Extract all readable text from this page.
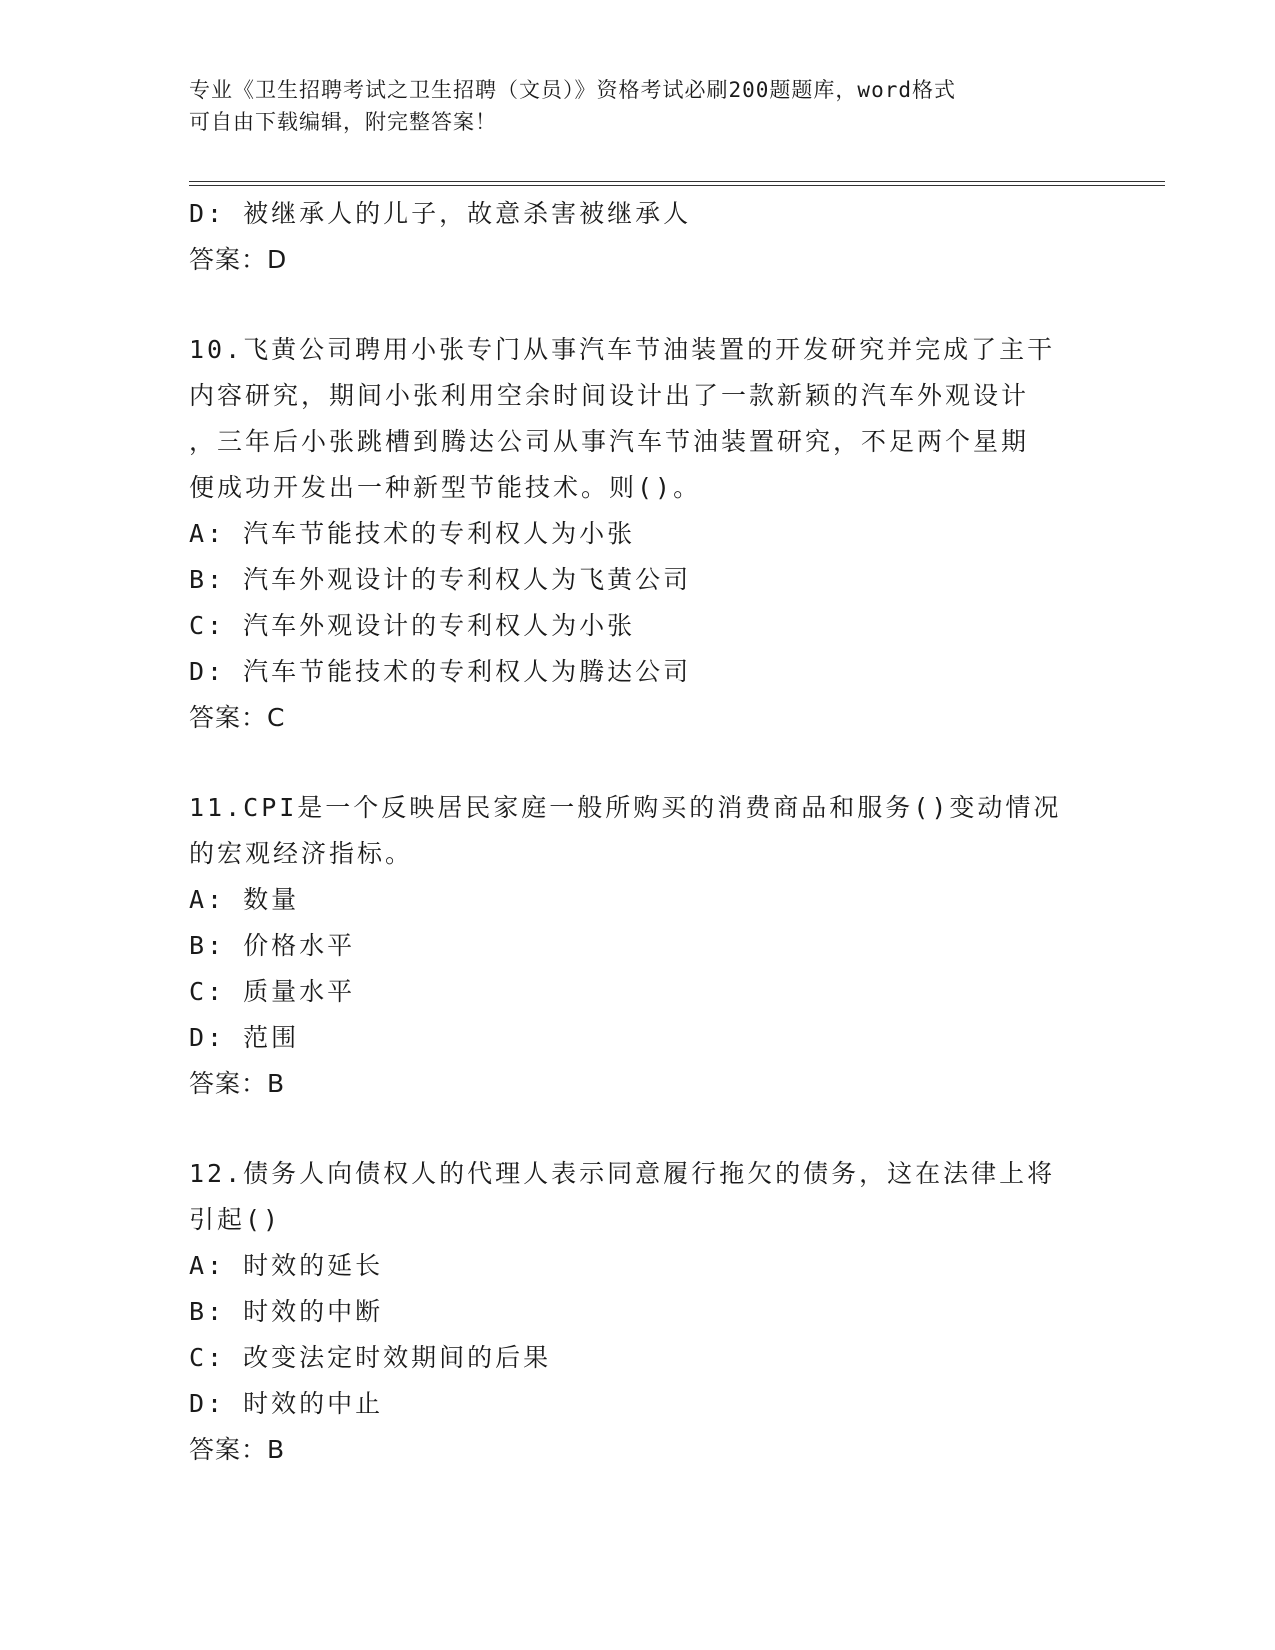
专业《卫生招聘考试之卫生招聘（文员）》资格考试必刷200题题库，word格式
可自由下载编辑，附完整答案！
D: 被继承人的儿子，故意杀害被继承人
答案：D
10.飞黄公司聘用小张专门从事汽车节油装置的开发研究并完成了主干
内容研究，期间小张利用空余时间设计出了一款新颖的汽车外观设计
，三年后小张跳槽到腾达公司从事汽车节油装置研究，不足两个星期
便成功开发出一种新型节能技术。则()。
A: 汽车节能技术的专利权人为小张
B: 汽车外观设计的专利权人为飞黄公司
C: 汽车外观设计的专利权人为小张
D: 汽车节能技术的专利权人为腾达公司
答案：C
11.CPI是一个反映居民家庭一般所购买的消费商品和服务()变动情况
的宏观经济指标。
A: 数量
B: 价格水平
C: 质量水平
D: 范围
答案：B
12.债务人向债权人的代理人表示同意履行拖欠的债务，这在法律上将
引起()
A: 时效的延长
B: 时效的中断
C: 改变法定时效期间的后果
D: 时效的中止
答案：B
